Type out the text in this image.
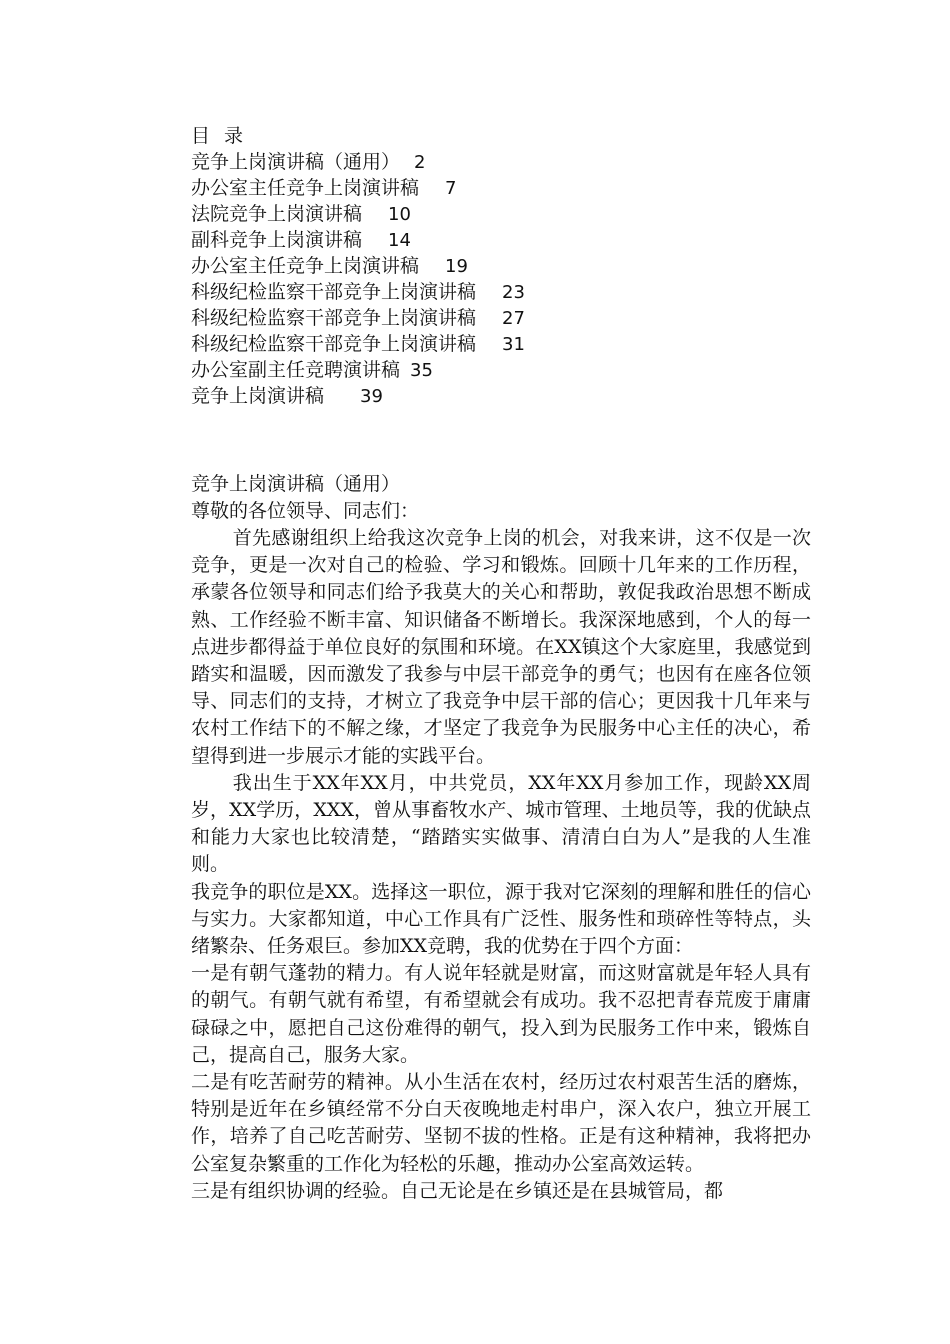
目 录
竞争上岗演讲稿（通用） 2
办公室主任竞争上岗演讲稿 7
法院竞争上岗演讲稿 10
副科竞争上岗演讲稿 14
办公室主任竞争上岗演讲稿 19
科级纪检监察干部竞争上岗演讲稿 23
科级纪检监察干部竞争上岗演讲稿 27
科级纪检监察干部竞争上岗演讲稿 31
办公室副主任竞聘演讲稿 35
竞争上岗演讲稿 39
竞争上岗演讲稿（通用）
尊敬的各位领导、同志们：

首先感谢组织上给我这次竞争上岗的机会，对我来讲，这不仅是一次竞争，更是一次对自己的检验、学习和锻炼。回顾十几年来的工作历程，承蒙各位领导和同志们给予我莫大的关心和帮助，敦促我政治思想不断成熟、工作经验不断丰富、知识储备不断增长。我深深地感到，个人的每一点进步都得益于单位良好的氛围和环境。在XX镇这个大家庭里，我感觉到踏实和温暖，因而激发了我参与中层干部竞争的勇气；也因有在座各位领导、同志们的支持，才树立了我竞争中层干部的信心；更因我十几年来与农村工作结下的不解之缘，才坚定了我竞争为民服务中心主任的决心，希望得到进一步展示才能的实践平台。

我出生于XX年XX月，中共党员，XX年XX月参加工作，现龄XX周岁，XX学历，XXX，曾从事畜牧水产、城市管理、土地员等，我的优缺点和能力大家也比较清楚，“踏踏实实做事、清清白白为人”是我的人生准则。

我竞争的职位是XX。选择这一职位，源于我对它深刻的理解和胜任的信心与实力。大家都知道，中心工作具有广泛性、服务性和琐碎性等特点，头绪繁杂、任务艰巨。参加XX竞聘，我的优势在于四个方面：

一是有朝气蓬勃的精力。有人说年轻就是财富，而这财富就是年轻人具有的朝气。有朝气就有希望，有希望就会有成功。我不忍把青春荒废于庸庸碌碌之中，愿把自己这份难得的朝气，投入到为民服务工作中来，锻炼自己，提高自己，服务大家。

二是有吃苦耐劳的精神。从小生活在农村，经历过农村艰苦生活的磨炼，特别是近年在乡镇经常不分白天夜晚地走村串户，深入农户，独立开展工作，培养了自己吃苦耐劳、坚韧不拔的性格。正是有这种精神，我将把办公室复杂繁重的工作化为轻松的乐趣，推动办公室高效运转。

三是有组织协调的经验。自己无论是在乡镇还是在县城管局，都
